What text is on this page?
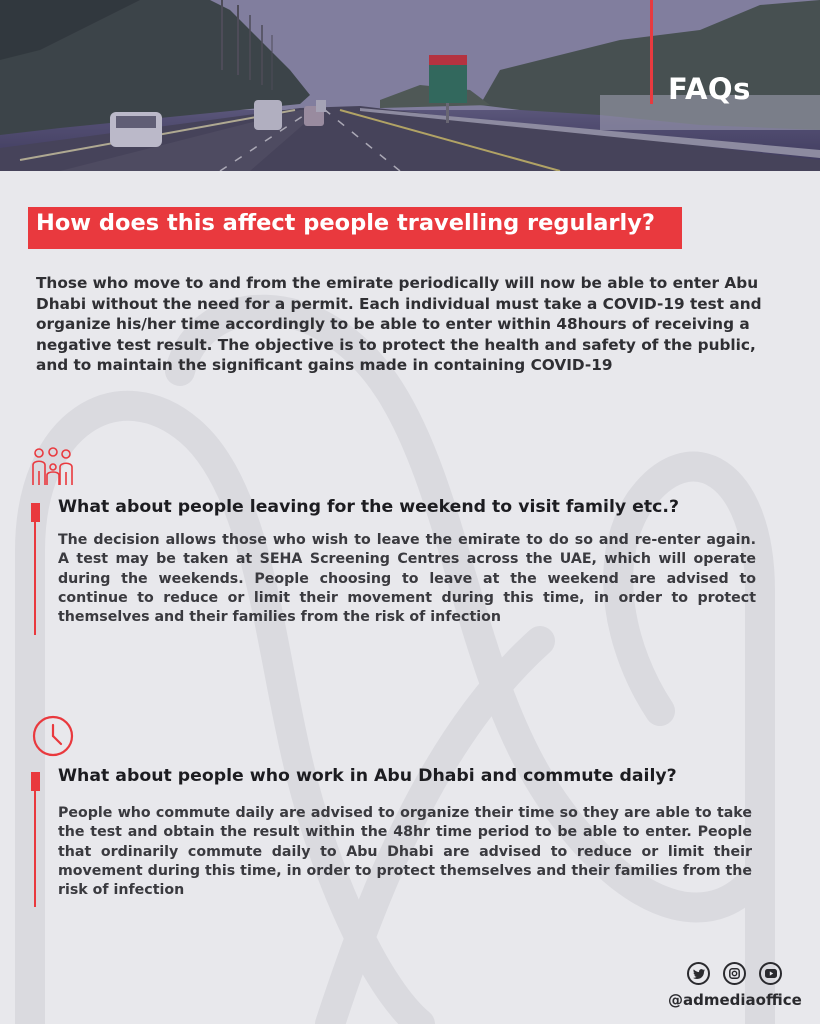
FAQs
How does this affect people travelling regularly?
Those who move to and from the emirate periodically will now be able to enter Abu Dhabi without the need for a permit. Each individual must take a COVID-19 test and organize his/her time accordingly to be able to enter within 48hours of receiving a negative test result. The objective is to protect the health and safety of the public, and to maintain the significant gains made in containing COVID-19
What about people leaving for the weekend to visit family etc.?
The decision allows those who wish to leave the emirate to do so and re-enter again. A test may be taken at SEHA Screening Centres across the UAE, which will operate during the weekends. People choosing to leave at the weekend are advised to continue to reduce or limit their movement during this time, in order to protect themselves and their families from the risk of infection
What about people who work in Abu Dhabi and commute daily?
People who commute daily are advised to organize their time so they are able to take the test and obtain the result within the 48hr time period to be able to enter. People that ordinarily commute daily to Abu Dhabi are advised to reduce or limit their movement during this time, in order to protect themselves and their families from the risk of infection
@admediaoffice
